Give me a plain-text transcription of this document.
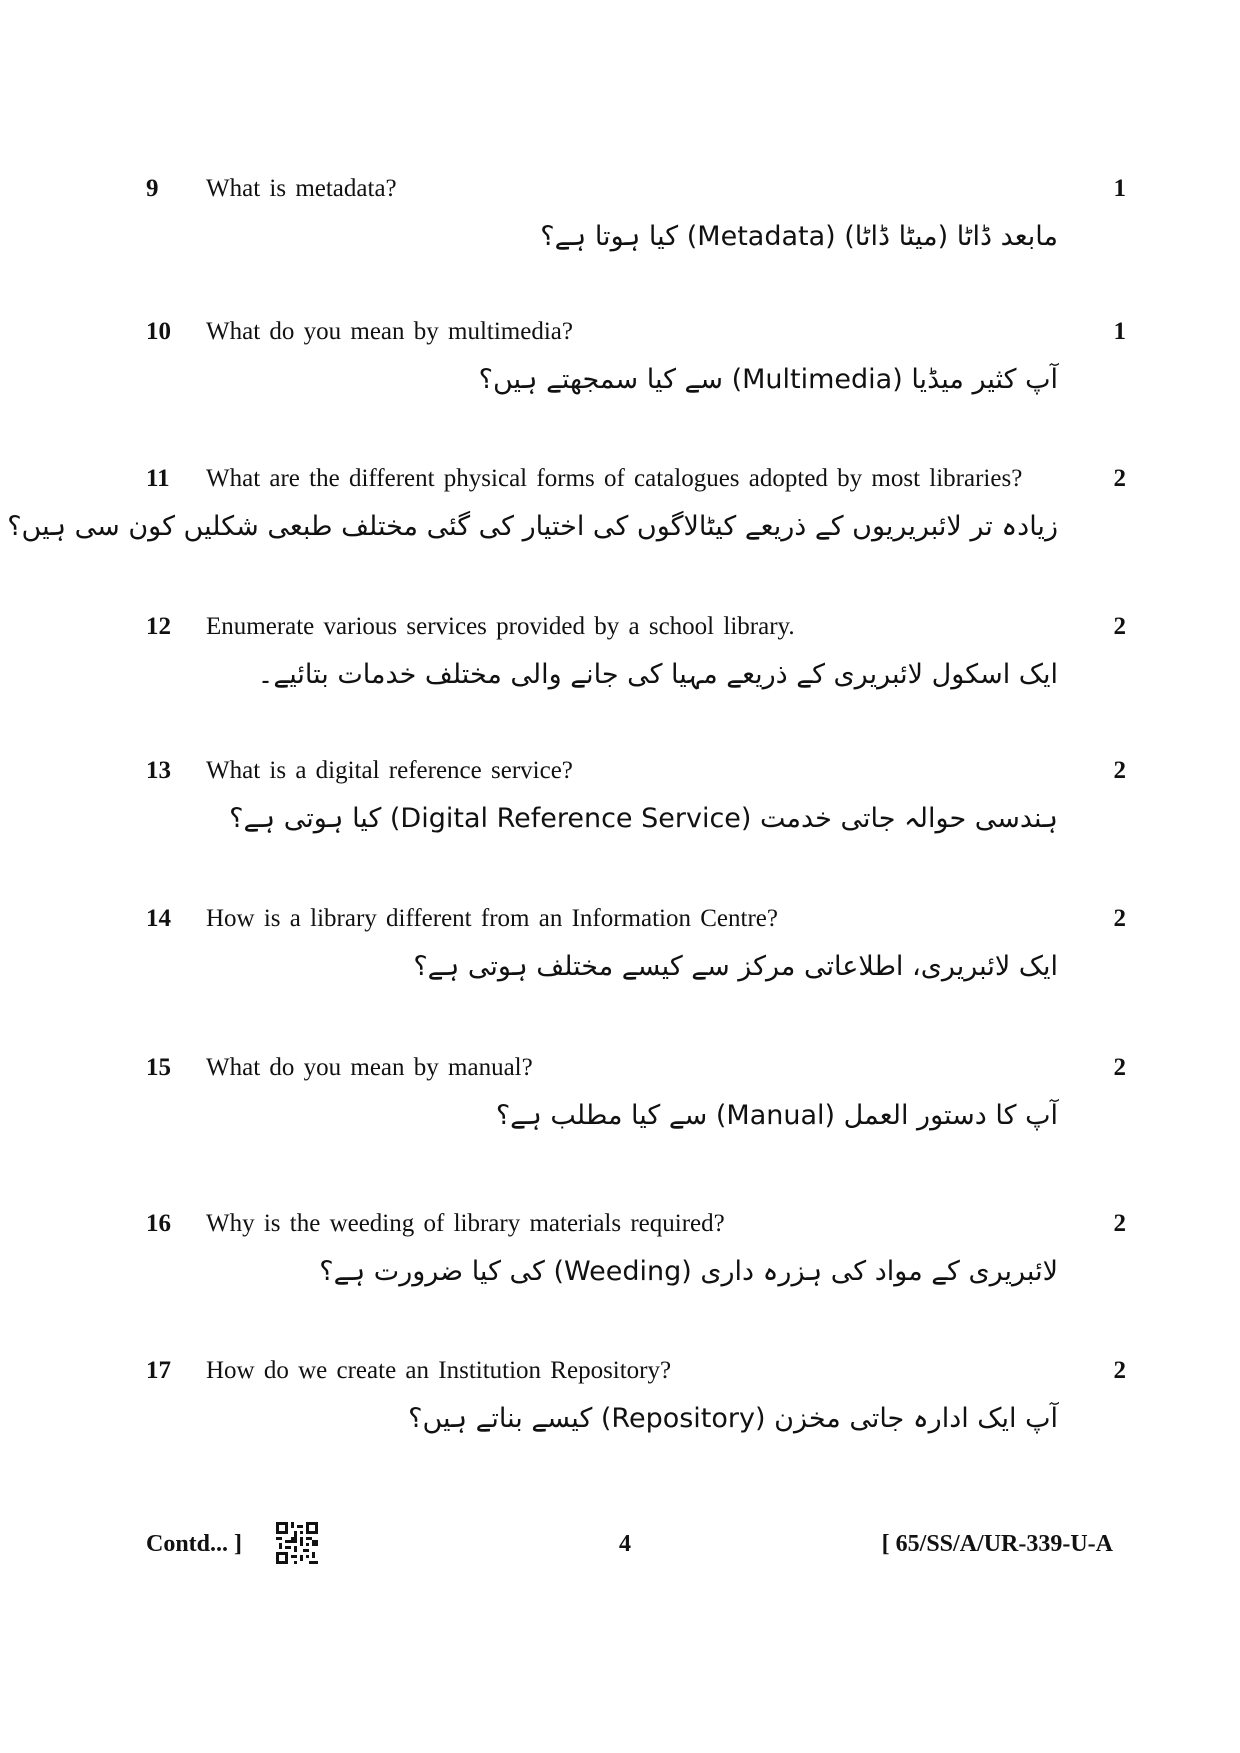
9 What is metadata?	1
مابعد ڈاٹا (میٹا ڈاٹا) (Metadata) کیا ہوتا ہے؟
10 What do you mean by multimedia?	1
آپ کثیر میڈیا (Multimedia) سے کیا سمجھتے ہیں؟
11 What are the different physical forms of catalogues adopted by most libraries?	2
زیادہ تر لائبریریوں کے ذریعے کیٹالاگوں کی اختیار کی گئی مختلف طبعی شکلیں کون سی ہیں؟
12 Enumerate various services provided by a school library.	2
ایک اسکول لائبریری کے ذریعے مہیا کی جانے والی مختلف خدمات بتائیے۔
13 What is a digital reference service?	2
ہندسی حوالہ جاتی خدمت (Digital Reference Service) کیا ہوتی ہے؟
14 How is a library different from an Information Centre?	2
ایک لائبریری، اطلاعاتی مرکز سے کیسے مختلف ہوتی ہے؟
15 What do you mean by manual?	2
آپ کا دستور العمل (Manual) سے کیا مطلب ہے؟
16 Why is the weeding of library materials required?	2
لائبریری کے مواد کی ہزرہ داری (Weeding) کی کیا ضرورت ہے؟
17 How do we create an Institution Repository?	2
آپ ایک ادارہ جاتی مخزن (Repository) کیسے بناتے ہیں؟
Contd... ]	4	[ 65/SS/A/UR-339-U-A
